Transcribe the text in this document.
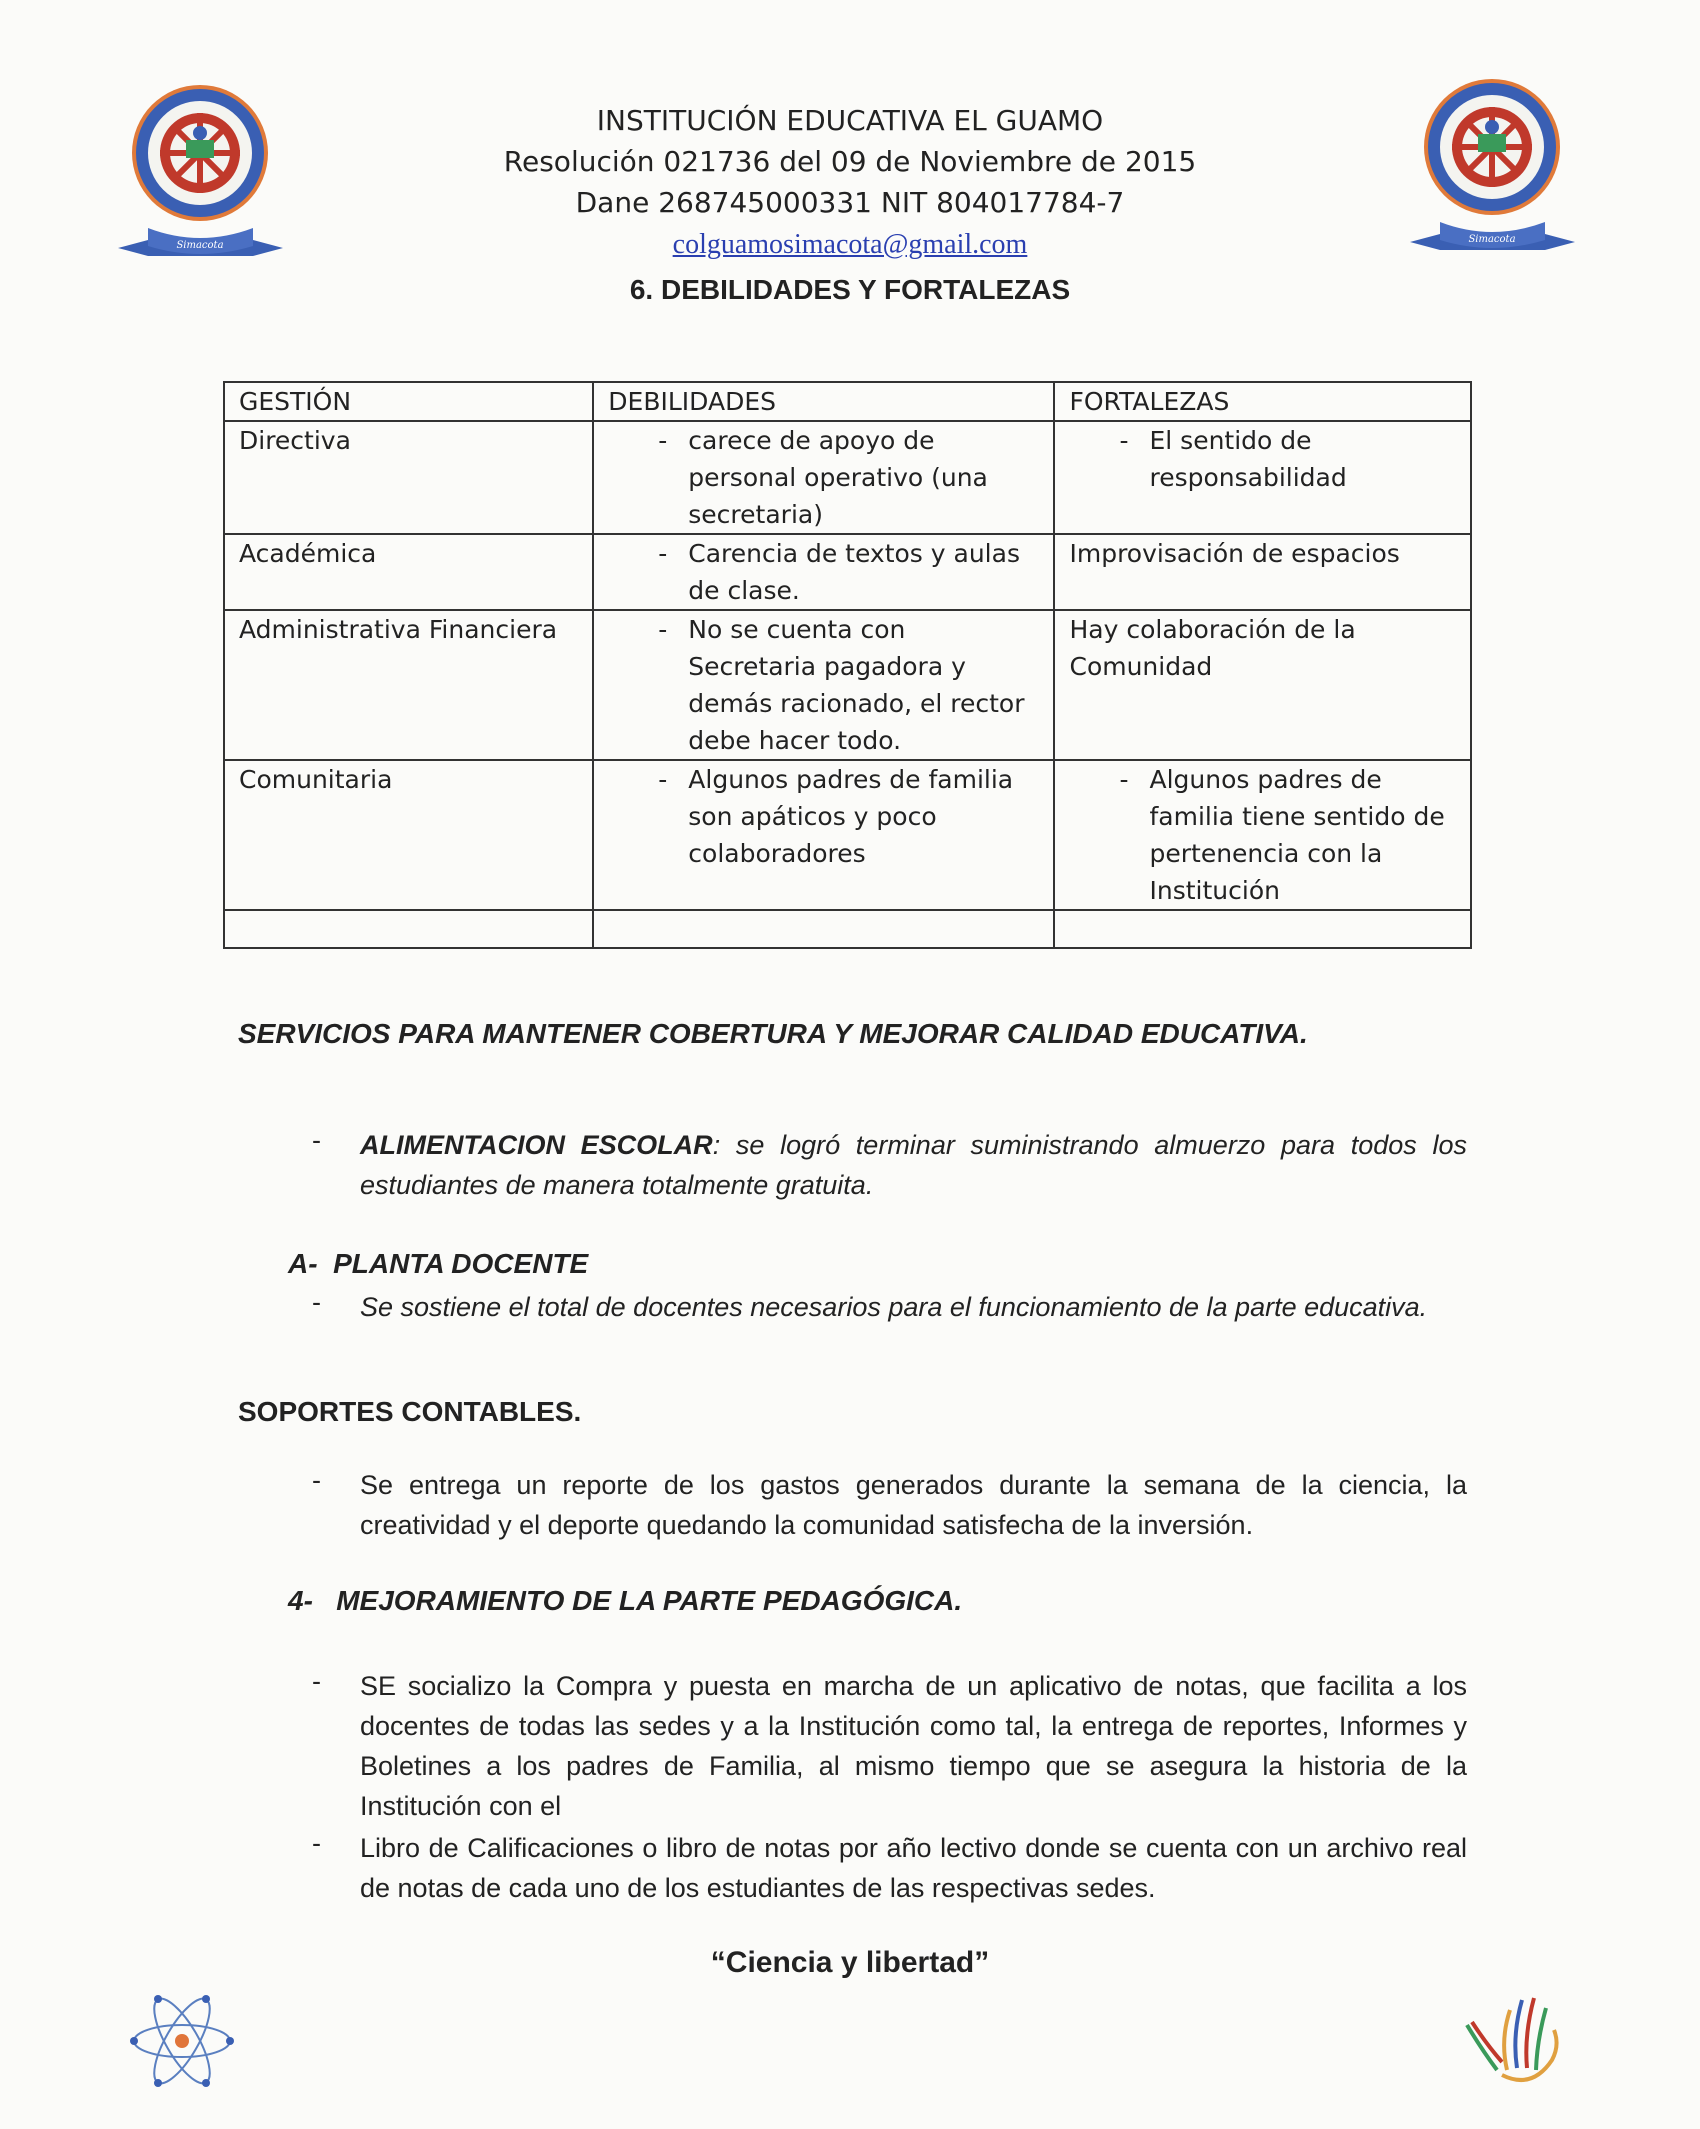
Simacota
Simacota
INSTITUCIÓN EDUCATIVA EL GUAMO
Resolución 021736 del 09 de Noviembre de 2015
Dane 268745000331 NIT 804017784-7
colguamosimacota@gmail.com
6. DEBILIDADES Y FORTALEZAS
GESTIÓN	DEBILIDADES	FORTALEZAS
Directiva	- carece de apoyo de personal operativo (una secretaria)	- El sentido de responsabilidad

Académica	- Carencia de textos y aulas de clase.	Improvisación de espacios
Administrativa Financiera	- No se cuenta con Secretaria pagadora y demás racionado, el rector debe hacer todo.	Hay colaboración de la Comunidad
Comunitaria	- Algunos padres de familia son apáticos y poco colaboradores	- Algunos padres de familia tiene sentido de pertenencia con la Institución

SERVICIOS PARA MANTENER COBERTURA Y MEJORAR CALIDAD EDUCATIVA.
-	ALIMENTACION ESCOLAR: se logró terminar suministrando almuerzo para todos los estudiantes de manera totalmente gratuita.
A-  PLANTA DOCENTE
-	Se sostiene el total de docentes necesarios para el funcionamiento de la parte educativa.
SOPORTES CONTABLES.
-	Se entrega un reporte de los gastos generados durante la semana de la ciencia, la creatividad y el deporte quedando la comunidad satisfecha de la inversión.
4-   MEJORAMIENTO DE LA PARTE PEDAGÓGICA.
-	SE socializo la Compra y puesta en marcha de un aplicativo de notas, que facilita a los docentes de todas las sedes y a la Institución como tal, la entrega de reportes, Informes y Boletines a los padres de Familia, al mismo tiempo que se asegura la historia de la Institución con el
-	Libro de Calificaciones o libro de notas por año lectivo donde se cuenta con un archivo real de notas de cada uno de los estudiantes de las respectivas sedes.
“Ciencia y libertad”
